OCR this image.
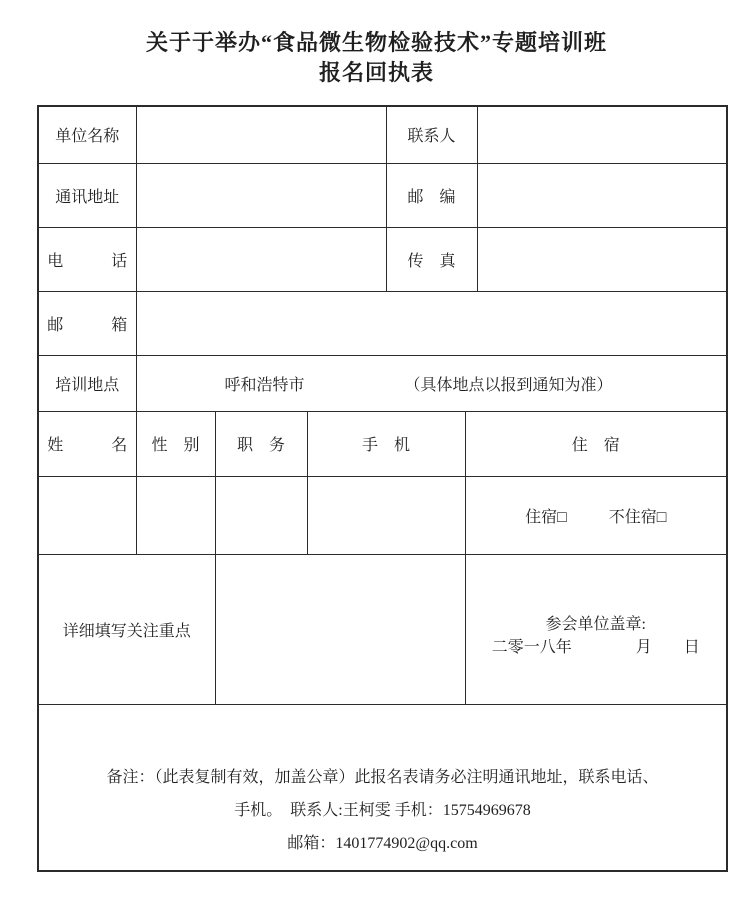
关于于举办“食品微生物检验技术”专题培训班
报名回执表
单位名称				联系人		
通讯地址				邮　编		
电　　　话				传　真		
邮　　　箱						
培训地点	呼和浩特市 （具体地点以报到通知为准）					

姓　　　名	性　别	职　务	手　机		住　宿	

					住宿□ 不住宿□	

详细填写关注重点					参会单位盖章:
二零一八年　　　　月　　日	

备注：（此表复制有效，加盖公章）此报名表请务必注明通讯地址，联系电话、
手机。　联系人:王柯雯 手机：15754969678
邮箱：1401774902@qq.com						
